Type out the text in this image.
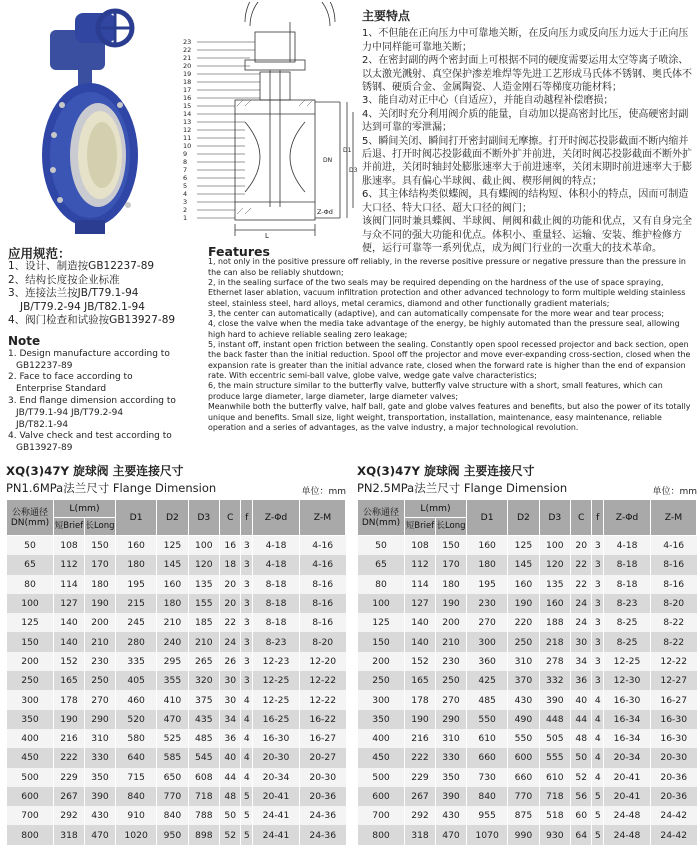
23
22
21
20
19
18
17
16
15
14
13
12
11
10
9
8
7
6
5
4
3
2
1
L
Z-Φd
D1
D3
DN
主要特点

1、不但能在正向压力中可靠地关断，在反向压力或反向压力远大于正向压力中同样能可靠地关断；

2、在密封副的两个密封面上可根据不同的硬度需要运用太空等离子喷涂、以太激光溅射、真空保护渗差堆焊等先进工艺形成马氏体不锈钢、奥氏体不锈钢、硬质合金、金属陶瓷、人造金刚石等梯度功能材料；

3、能自动对正中心（自适应），并能自动越程补偿磨损；

4、关闭时充分利用阀介质的能量，自动加以提高密封比压，使高硬密封副达到可靠的零泄漏；

5、瞬间关闭、瞬间打开密封副间无摩擦。打开时阀芯投影截面不断内缩并后退、打开时阀芯投影截面不断外扩并前进，关闭时阀芯投影截面不断外扩并前进，关闭时轴封处膨胀速率大于前进速率，关闭末期时前进速率大于膨胀速率。具有偏心半球阀、截止阀、楔形闸阀的特点；

6、其主体结构类似蝶阀，具有蝶阀的结构短、体积小的特点，因而可制造大口径、特大口径、超大口径的阀门；

该阀门同时兼具蝶阀、半球阀、闸阀和截止阀的功能和优点，又有自身完全与众不同的强大功能和优点。体积小、重量轻、运输、安装、维护检修方便，运行可靠等一系列优点，成为阀门行业的一次重大的技术革命。

应用规范：

1、设计、制造按GB12237-89

2、结构长度按企业标准

3、连接法兰按JB/T79.1-94

JB/T79.2-94 JB/T82.1-94

4、阀门检查和试验按GB13927-89

Note

1. Design manufacture according to

GB12237-89

2. Face to face according to

Enterprise Standard

3. End flange dimension according to

JB/T79.1-94 JB/T79.2-94

JB/T82.1-94

4. Valve check and test according to

GB13927-89

Features

1, not only in the positive pressure off reliably, in the reverse positive pressure or negative pressure than the pressure in the can also be reliably shutdown;

2, in the sealing surface of the two seals may be required depending on the hardness of the use of space spraying, Ethernet laser ablation, vacuum infiltration protection and other advanced technology to form multiple welding stainless steel, stainless steel, hard alloys, metal ceramics, diamond and other functionally gradient materials;

3, the center can automatically (adaptive), and can automatically compensate for the more wear and tear process;

4, close the valve when the media take advantage of the energy, be highly automated than the pressure seal, allowing high hard to achieve reliable sealing zero leakage;

5, instant off, instant open friction between the sealing. Constantly open spool recessed projector and back section, open the back faster than the initial reduction. Spool off the projector and move ever-expanding cross-section, closed when the expansion rate is greater than the initial advance rate, closed when the forward rate is higher than the end of expansion rate. With eccentric semi-ball valve, globe valve, wedge gate valve characteristics;

6, the main structure similar to the butterfly valve, butterfly valve structure with a short, small features, which can produce large diameter, large diameter, large diameter valves;

Meanwhile both the butterfly valve, half ball, gate and globe valves features and benefits, but also the power of its totally unique and benefits. Small size, light weight, transportation, installation, maintenance, easy maintenance, reliable operation and a series of advantages, as the valve industry, a major technological revolution.

XQ(3)47Y 旋球阀 主要连接尺寸
PN1.6MPa法兰尺寸 Flange Dimension	单位：mm
公称通径DN(mm)	L(mm)		D1	D2	D3	C	f	Z-Φd	Z-M
	短Brief	长Long							
50	108	150	160	125	100	16	3	4-18	4-16
65	112	170	180	145	120	18	3	4-18	4-16
80	114	180	195	160	135	20	3	8-18	8-16
100	127	190	215	180	155	20	3	8-18	8-16
125	140	200	245	210	185	22	3	8-18	8-16
150	140	210	280	240	210	24	3	8-23	8-20
200	152	230	335	295	265	26	3	12-23	12-20
250	165	250	405	355	320	30	3	12-25	12-22
300	178	270	460	410	375	30	4	12-25	12-22
350	190	290	520	470	435	34	4	16-25	16-22
400	216	310	580	525	485	36	4	16-30	16-27
450	222	330	640	585	545	40	4	20-30	20-27
500	229	350	715	650	608	44	4	20-34	20-30
600	267	390	840	770	718	48	5	20-41	20-36
700	292	430	910	840	788	50	5	24-41	24-36
800	318	470	1020	950	898	52	5	24-41	24-36
XQ(3)47Y 旋球阀 主要连接尺寸
PN2.5MPa法兰尺寸 Flange Dimension	单位：mm
公称通径DN(mm)	L(mm)		D1	D2	D3	C	f	Z-Φd	Z-M
	短Brief	长Long							
50	108	150	160	125	100	20	3	4-18	4-16
65	112	170	180	145	120	22	3	8-18	8-16
80	114	180	195	160	135	22	3	8-18	8-16
100	127	190	230	190	160	24	3	8-23	8-20
125	140	200	270	220	188	24	3	8-25	8-22
150	140	210	300	250	218	30	3	8-25	8-22
200	152	230	360	310	278	34	3	12-25	12-22
250	165	250	425	370	332	36	3	12-30	12-27
300	178	270	485	430	390	40	4	16-30	16-27
350	190	290	550	490	448	44	4	16-34	16-30
400	216	310	610	550	505	48	4	16-34	16-30
450	222	330	660	600	555	50	4	20-34	20-30
500	229	350	730	660	610	52	4	20-41	20-36
600	267	390	840	770	718	56	5	20-41	20-36
700	292	430	955	875	518	60	5	24-48	24-42
800	318	470	1070	990	930	64	5	24-48	24-42
